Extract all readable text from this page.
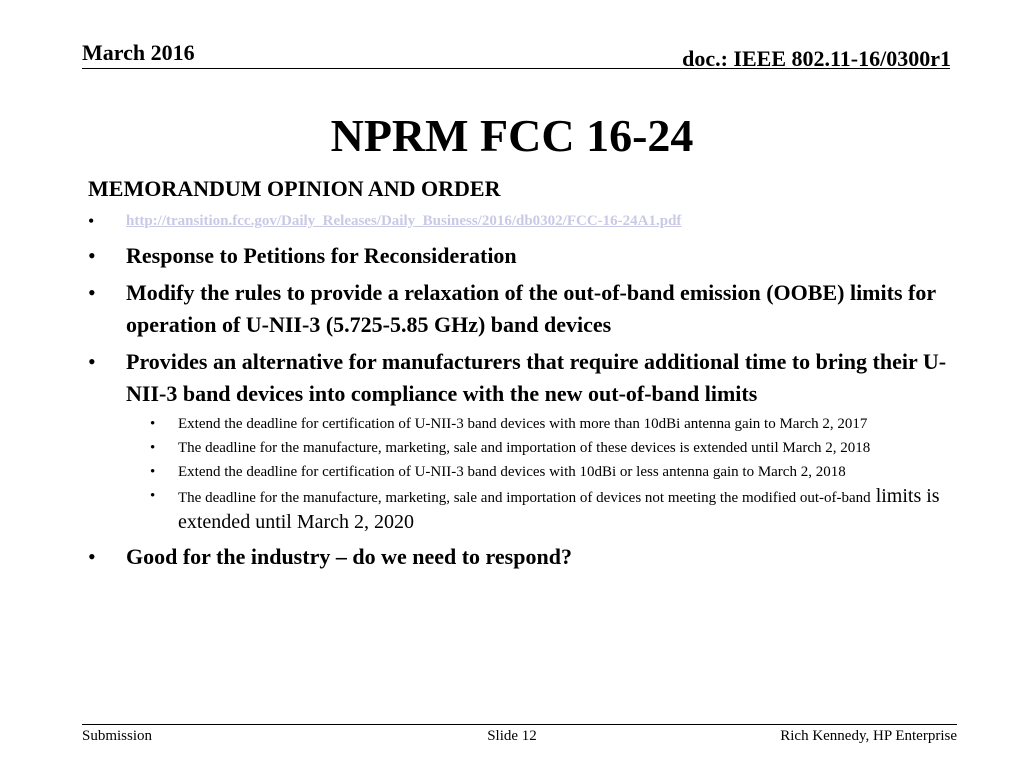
March 2016	doc.: IEEE 802.11-16/0300r1
NPRM FCC 16-24
MEMORANDUM OPINION AND ORDER
• http://transition.fcc.gov/Daily_Releases/Daily_Business/2016/db0302/FCC-16-24A1.pdf
• Response to Petitions for Reconsideration
• Modify the rules to provide a relaxation of the out-of-band emission (OOBE) limits for operation of U-NII-3 (5.725-5.85 GHz) band devices
• Provides an alternative for manufacturers that require additional time to bring their U-NII-3 band devices into compliance with the new out-of-band limits
• Extend the deadline for certification of U-NII-3 band devices with more than 10dBi antenna gain to March 2, 2017
• The deadline for the manufacture, marketing, sale and importation of these devices is extended until March 2, 2018
• Extend the deadline for certification of U-NII-3 band devices with 10dBi or less antenna gain to March 2, 2018
• The deadline for the manufacture, marketing, sale and importation of devices not meeting the modified out-of-band limits is extended until March 2, 2020
• Good for the industry – do we need to respond?
Submission	Slide 12	Rich Kennedy, HP Enterprise
